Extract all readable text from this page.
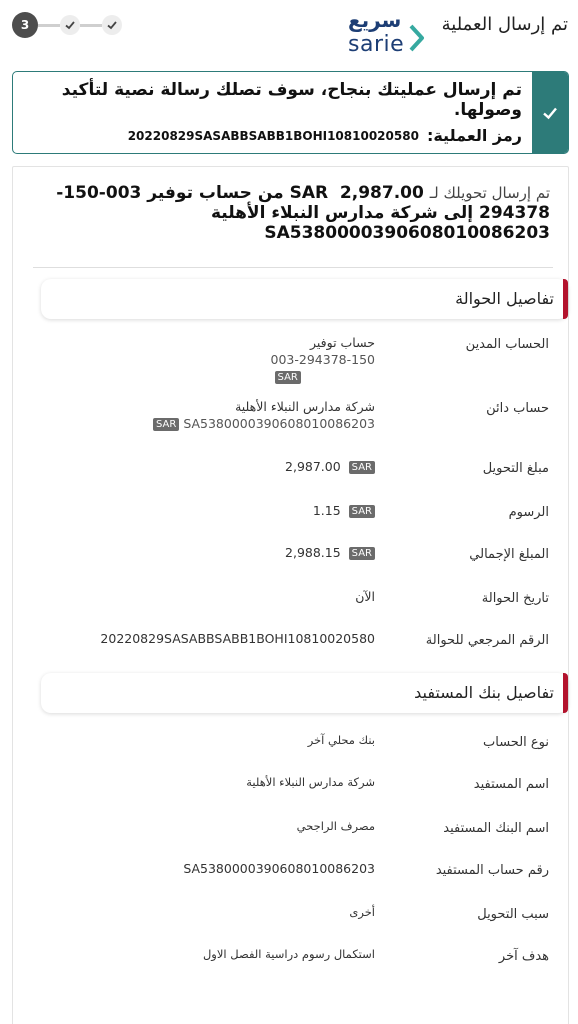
3	سريع
sarie
تم إرسال العملية
تم إرسال عمليتك بنجاح، سوف تصلك رسالة نصية لتأكيد وصولها.
رمز العملية:
20220829SASABBSABB1BOHI10810020580
تم إرسال تحويلك لـ SAR 2,987.00 من حساب توفير 003-150-294378 إلى شركة مدارس النبلاء الأهلية SA5380000390608010086203
تفاصيل الحوالة
الحساب المدين
حساب توفير
003-294378-150
SAR
حساب دائن
شركة مدارس النبلاء الأهلية
SAR SA5380000390608010086203
مبلغ التحويل
2,987.00 SAR
الرسوم
1.15 SAR
المبلغ الإجمالي
2,988.15 SAR
تاريخ الحوالة
الآن
الرقم المرجعي للحوالة
20220829SASABBSABB1BOHI10810020580
تفاصيل بنك المستفيد
نوع الحساب
بنك محلي آخر
اسم المستفيد
شركة مدارس النبلاء الأهلية
اسم البنك المستفيد
مصرف الراجحي
رقم حساب المستفيد
SA5380000390608010086203
سبب التحويل
أخرى
هدف آخر
استكمال رسوم دراسية الفصل الاول
